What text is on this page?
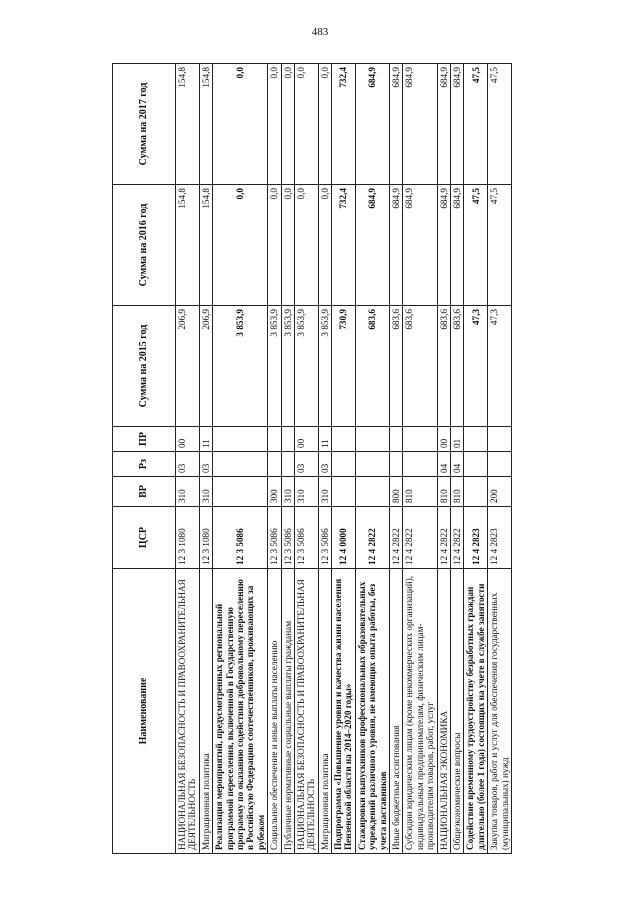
483
Наименование	ЦСР	ВР	Рз	ПР	Сумма на 2015 год	Сумма на 2016 год	Сумма на 2017 год
НАЦИОНАЛЬНАЯ БЕЗОПАСНОСТЬ И ПРАВООХРАНИТЕЛЬНАЯ ДЕЯТЕЛЬНОСТЬ	12 3 1080	310	03	00	206,9	154,8	154,8
Миграционная политика	12 3 1080	310	03	11	206,9	154,8	154,8
Реализация мероприятий, предусмотренных региональной программой переселения, включенной в Государственную программу по оказанию содействия добровольному переселению в Российскую Федерацию соотечественников, проживающих за рубежом	12 3 5086				3 853,9	0,0	0,0
Социальное обеспечение и иные выплаты населению	12 3 5086	300			3 853,9	0,0	0,0
Публичные нормативные социальные выплаты гражданам	12 3 5086	310			3 853,9	0,0	0,0
НАЦИОНАЛЬНАЯ БЕЗОПАСНОСТЬ И ПРАВООХРАНИТЕЛЬНАЯ ДЕЯТЕЛЬНОСТЬ	12 3 5086	310	03	00	3 853,9	0,0	0,0
Миграционная политика	12 3 5086	310	03	11	3 853,9	0,0	0,0
Подпрограмма «Повышение уровня и качества жизни населения Пензенской области на 2014–2020 годы»	12 4 0000				730,9	732,4	732,4
Стажировки выпускников профессиональных образовательных учреждений различного уровня, не имеющих опыта работы, без учета наставников	12 4 2822				683,6	684,9	684,9
Иные бюджетные ассигнования	12 4 2822	800			683,6	684,9	684,9
Субсидии юридическим лицам (кроме некоммерческих организаций), индивидуальным предпринимателям, физическим лицам-производителям товаров, работ, услуг	12 4 2822	810			683,6	684,9	684,9
НАЦИОНАЛЬНАЯ ЭКОНОМИКА	12 4 2822	810	04	00	683,6	684,9	684,9
Общеэкономические вопросы	12 4 2822	810	04	01	683,6	684,9	684,9
Содействие временному трудоустройству безработных граждан длительно (более 1 года) состоящих на учете в службе занятости	12 4 2823				47,3	47,5	47,5
Закупка товаров, работ и услуг для обеспечения государственных (муниципальных) нужд	12 4 2823	200			47,3	47,5	47,5
